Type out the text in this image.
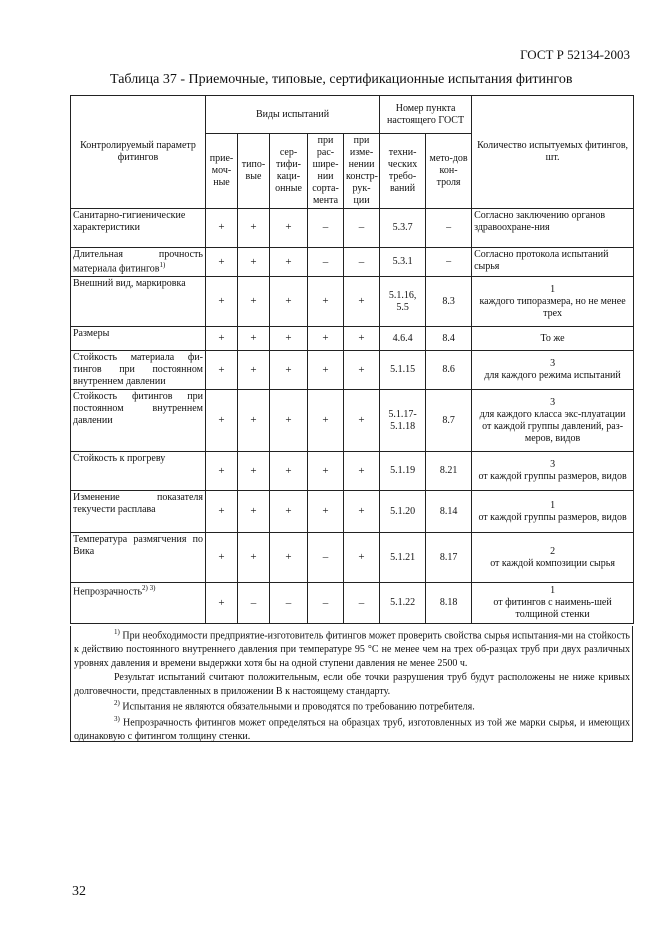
ГОСТ Р 52134-2003
Таблица 37 - Приемочные, типовые, сертификационные испытания фитингов
Контролируемый параметр фитингов	Виды испытаний					Номер пункта настоящего ГОСТ		Количество испытуемых фитингов, шт.
	прие-моч-ные	типо-вые	сер-тифи-каци-онные	при рас-шире-нии сорта-мента	при изме-нении констр-рук-ции	техни-ческих требо-ваний	мето-дов кон-троля	
Санитарно-гигиенические характеристики	+	+	+	–	–	5.3.7	–	Согласно заключению органов здравоохране-ния

Длительная прочность материала фитингов$^{1)}$	+	+	+	–	–	5.3.1	–	Согласно протокола испытаний сырья

Внешний вид, маркировка	+	+	+	+	+	5.1.16, 5.5	8.3	1
каждого типоразмера, но не менее трех

Размеры	+	+	+	+	+	4.6.4	8.4	То же

Стойкость материала фи-тингов при постоянном внутреннем давлении	+	+	+	+	+	5.1.15	8.6	3
для каждого режима испытаний

Стойкость фитингов при постоянном внутреннем давлении	+	+	+	+	+	5.1.17-5.1.18	8.7	3
для каждого класса экс-плуатации от каждой группы давлений, раз-меров, видов

Стойкость к прогреву	+	+	+	+	+	5.1.19	8.21	3
от каждой группы размеров, видов

Изменение показателя текучести расплава	+	+	+	+	+	5.1.20	8.14	1
от каждой группы размеров, видов

Температура размягчения по Вика	+	+	+	–	+	5.1.21	8.17	2
от каждой композиции сырья

Непрозрачность$^{2) 3)}$	+	–	–	–	–	5.1.22	8.18	1
от фитингов с наимень-шей толщиной стенки

$^{1)}$ При необходимости предприятие-изготовитель фитингов может проверить свойства сырья испытания-ми на стойкость к действию постоянного внутреннего давления при температуре 95 °С не менее чем на трех об-разцах труб при двух различных уровнях давления и времени выдержки хотя бы на одной ступени давления не менее 2500 ч.

Результат испытаний считают положительным, если обе точки разрушения труб будут расположены не ниже кривых долговечности, представленных в приложении В к настоящему стандарту.

$^{2)}$ Испытания не являются обязательными и проводятся по требованию потребителя.

$^{3)}$ Непрозрачность фитингов может определяться на образцах труб, изготовленных из той же марки сырья, и имеющих одинаковую с фитингом толщину стенки.

32
